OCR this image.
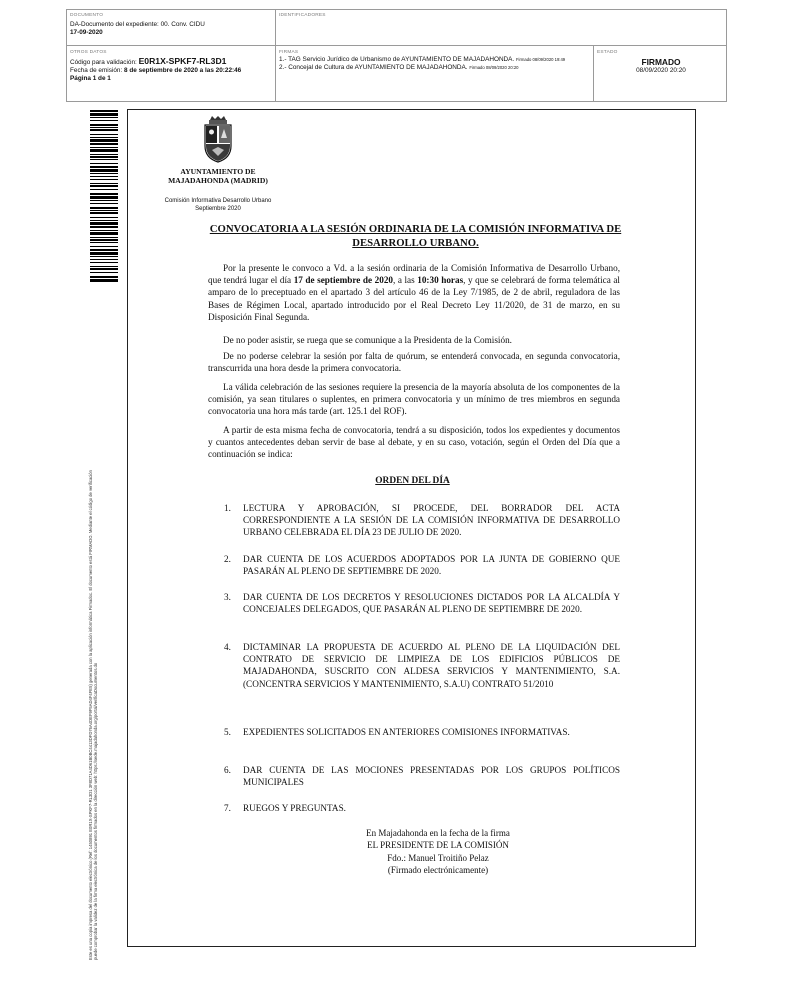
DOCUMENTO
DA-Documento del expediente: 00. Conv. CIDU
17-09-2020
IDENTIFICADORES
OTROS DATOS
Código para validación: E0R1X-SPKF7-RL3D1
Fecha de emisión: 8 de septiembre de 2020 a las 20:22:46
Página 1 de 1
FIRMAS
1.- TAG Servicio Jurídico de Urbanismo de AYUNTAMIENTO DE MAJADAHONDA. Firmado 08/09/2020 19:49
2.- Concejal de Cultura de AYUNTAMIENTO DE MAJADAHONDA. Firmado 08/09/2020 20:20
ESTADO
FIRMADO
08/09/2020 20:20
Este es una copia impresa del documento electrónico (Ref: 1450891 E0R1X-SPKF7-RL3D1 3F8D71A4D61B0BC4413DFD76A4DEF9F5AD4F4FE5) generada con la aplicación informática Firmadoc. El documento está FIRMADO. Mediante el código de verificación puede comprobar la validez de la firma electrónica de los documentos firmados en la dirección web: https://sede.majadahonda.org/portal/verificaDocumentos.do
AYUNTAMIENTO DE MAJADAHONDA (MADRID)
Comisión Informativa Desarrollo Urbano
Septiembre 2020
CONVOCATORIA A LA SESIÓN ORDINARIA DE LA COMISIÓN INFORMATIVA DE DESARROLLO URBANO.
Por la presente le convoco a Vd. a la sesión ordinaria de la Comisión Informativa de Desarrollo Urbano, que tendrá lugar el día 17 de septiembre de 2020, a las 10:30 horas, y que se celebrará de forma telemática al amparo de lo preceptuado en el apartado 3 del artículo 46 de la Ley 7/1985, de 2 de abril, reguladora de las Bases de Régimen Local, apartado introducido por el Real Decreto Ley 11/2020, de 31 de marzo, en su Disposición Final Segunda.
De no poder asistir, se ruega que se comunique a la Presidenta de la Comisión.
De no poderse celebrar la sesión por falta de quórum, se entenderá convocada, en segunda convocatoria, transcurrida una hora desde la primera convocatoria.
La válida celebración de las sesiones requiere la presencia de la mayoría absoluta de los componentes de la comisión, ya sean titulares o suplentes, en primera convocatoria y un mínimo de tres miembros en segunda convocatoria una hora más tarde (art. 125.1 del ROF).
A partir de esta misma fecha de convocatoria, tendrá a su disposición, todos los expedientes y documentos y cuantos antecedentes deban servir de base al debate, y en su caso, votación, según el Orden del Día que a continuación se indica:
ORDEN DEL DÍA
1.	LECTURA Y APROBACIÓN, SI PROCEDE, DEL BORRADOR DEL ACTA CORRESPONDIENTE A LA SESIÓN DE LA COMISIÓN INFORMATIVA DE DESARROLLO URBANO CELEBRADA EL DÍA 23 DE JULIO DE 2020.
2.	DAR CUENTA DE LOS ACUERDOS ADOPTADOS POR LA JUNTA DE GOBIERNO QUE PASARÁN AL PLENO DE SEPTIEMBRE DE 2020.
3.	DAR CUENTA DE LOS DECRETOS Y RESOLUCIONES DICTADOS POR LA ALCALDÍA Y CONCEJALES DELEGADOS, QUE PASARÁN AL PLENO DE SEPTIEMBRE DE 2020.
4.	DICTAMINAR LA PROPUESTA DE ACUERDO AL PLENO DE LA LIQUIDACIÓN DEL CONTRATO DE SERVICIO DE LIMPIEZA DE LOS EDIFICIOS PÚBLICOS DE MAJADAHONDA, SUSCRITO CON ALDESA SERVICIOS Y MANTENIMIENTO, S.A. (CONCENTRA SERVICIOS Y MANTENIMIENTO, S.A.U) CONTRATO 51/2010
5.	EXPEDIENTES SOLICITADOS EN ANTERIORES COMISIONES INFORMATIVAS.
6.	DAR CUENTA DE LAS MOCIONES PRESENTADAS POR LOS GRUPOS POLÍTICOS MUNICIPALES
7.	RUEGOS Y PREGUNTAS.
En Majadahonda en la fecha de la firma
EL PRESIDENTE DE LA COMISIÓN
Fdo.: Manuel Troitiño Pelaz
(Firmado electrónicamente)
